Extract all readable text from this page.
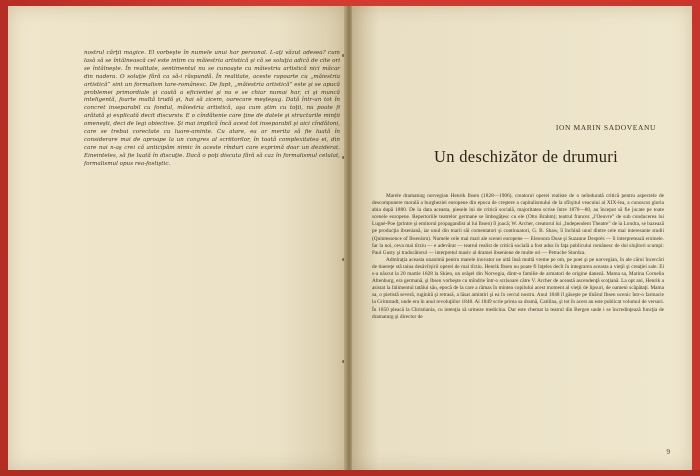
nostrul cărţii magice. El vorbeşte în numele unui har personal. L-aţi văzut adesea? cum lasă să se întâlnească cel este intim cu măiestria artistică şi că se soluţia adică de cite ori se întâlneşte. În realitate, sentimentul nu se cunoaşte cu măiestria artistică nici măcar din nadera. O soluţie fără ca să-i răspundă. În realitate, aceste rapoarte cu „măiestria artistică” sint un formalism tare-românesc. De fapt, „măiestria artistică” este şi se apucă problemei primordiale şi caută a eficientei şi nu e se chiar numai har, ci şi muncă inteligentă, foarte multă trudă şi, hai să zicem, oarecare meşteşug. Dată într-un tot în concret inseparabil cu fondul, măiestria artistică, aşa cum ştim cu toţii, nu poate fi arătată şi explicată decit discursiv. E o cîndătenie care ţine de datele şi structurile minţii omeneşti, deci de legi obiective. Şi mai implică încă acest tot inseparabil şi aici cîndătoni, care se trebui corectate cu luare-aminte. Cu atare, ea ar merita să fie luată în considerare mai de aproape la un congres al scriitorilor, în toată complexitatea ei, din care nai n-aş crei că anticipăm nimic în aceste rînduri care exprimă doar un deziderat. Eineinteles, să fie luată în discuţie. Dacă o poţi discuta fără să caz în formalismul celulat, formalismul opus rea-fostiştic.

ION MARIN SADOVEANU
Un deschizător de drumuri

Marele dramaturg norvegian Henrik Ibsen (1828—1906), creatorul operei realiste de o neîndurată critică pentru aspectele de descompunere morală a burgheziei europene din epoca de creştere a capitalismului de la sfîrşitul veacului al XIX-lea, a cunoscut gloria abia după 1880. De la data aceasta, piesele lui de critică socială, majoritatea scrise între 1870—80, au început să fie jucate pe toate scenele europene. Repertoriile teatrelor germane se îmbogăţesc cu ele (Otto Brahm); teatrul francez „l'Oeuvre” de sub conducerea lui Lugné-Poe (printre şi emitorul propagandist al lui Ibsen) îl joacă; W. Archer, creatorul lui „Independent Theatre” de la Londra, se bazează pe producţia ibseniană, iar unul din marii săi comentatori şi continuatori, G. B. Shaw, îi închină unul dintre cele mai interesante studii (Quintessence of Ibsenism). Numele cele mai mari ale scenei europene — Eleonora Duse şi Suzanne Després — îi interpretează eroinele. Iar la noi, ceva mai tîrziu — e adevărat — teatrul realist de critică socială a fost adus în faţa publicului românesc de doi slujitori scumpi: Paul Gusty şi traducătorul — interpretul masiv al dramei ibseniene de multe ori — Petrache Sturdza.

Admiraţia aceasta unanimă pentru marele inovator ne uită însă multă vreme pe om, pe poet şi pe norvegian, în ale cărui încercări de tinereţe stă taina desăvîrşirii operei de mai tîrziu. Henrik Ibsen nu poate fi înţeles decît în integrarea aceasta a vieţii şi creaţiei sale. El s-a născut la 20 martie 1828 la Skien, un orăşel din Norvegia, dintr-o familie de armatori de origine daneză. Mama sa, Marina Cornelia Altenburg, era germană, şi Ibsen vorbeşte cu mîndrie într-o scrisoare către V. Archer de această ascendenţă scoţiană. La opt ani, Henrik a asistat la falimentul tatălui său, epocă de la care a rămas în mintea copilului acest moment al vieţii de lipsuri, de oameni scăpătaţi. Mama sa, o pietistă severă, ruginită şi retrasă, a lăsat amintiri şi ea în cercul nostru. Anul 1848 îl găseşte pe tînărul Ibsen ucenic într-o farmacie la Grimstadt, unde era în anul revoluţiilor 1848. Ai 1849 scrie prima sa dramă, Catilina, şi tot în acest an este publicat volumul de versuri. În 1850 pleacă la Christiania, cu intenţia să urmeze medicina. Dar este chemat la teatrul din Bergen unde i se încredinţează funcţia de dramaturg şi director de

9
